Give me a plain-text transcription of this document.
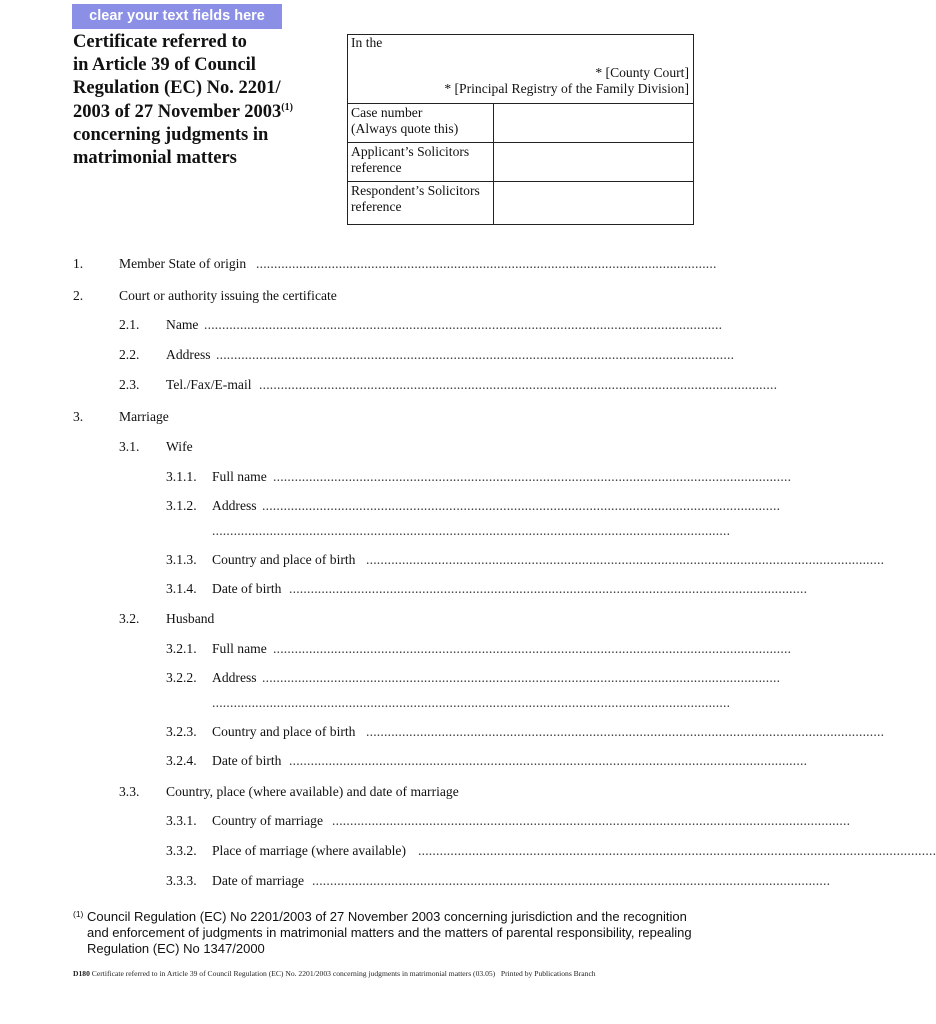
clear your text fields here
Certificate referred to
in Article 39 of Council
Regulation (EC) No. 2201/
2003 of 27 November 2003$^{(1)}$
concerning judgments in
matrimonial matters
In the
* [County Court]
* [Principal Registry of the Family Division]	

Case number
(Always quote this)	

Applicant’s Solicitors
reference	

Respondent’s Solicitors
reference	

1.	Member State of origin ................................................................................................................................
2.	Court or authority issuing the certificate
2.1. Name ................................................................................................................................................
2.2. Address ................................................................................................................................................
2.3. Tel./Fax/E-mail ................................................................................................................................................
3.	Marriage
3.1. Wife
3.1.1. Full name ................................................................................................................................................
3.1.2. Address ................................................................................................................................................
................................................................................................................................................
3.1.3. Country and place of birth ................................................................................................................................................
3.1.4. Date of birth ................................................................................................................................................
3.2. Husband
3.2.1. Full name ................................................................................................................................................
3.2.2. Address ................................................................................................................................................
................................................................................................................................................
3.2.3. Country and place of birth ................................................................................................................................................
3.2.4. Date of birth ................................................................................................................................................
3.3. Country, place (where available) and date of marriage
3.3.1. Country of marriage ................................................................................................................................................
3.3.2. Place of marriage (where available) ................................................................................................................................................
3.3.3. Date of marriage ................................................................................................................................................
(1) Council Regulation (EC) No 2201/2003 of 27 November 2003 concerning jurisdiction and the recognition and enforcement of judgments in matrimonial matters and the matters of parental responsibility, repealing Regulation (EC) No 1347/2000
D180 Certificate referred to in Article 39 of Council Regulation (EC) No. 2201/2003 concerning judgments in matrimonial matters (03.05) Printed by Publications Branch
